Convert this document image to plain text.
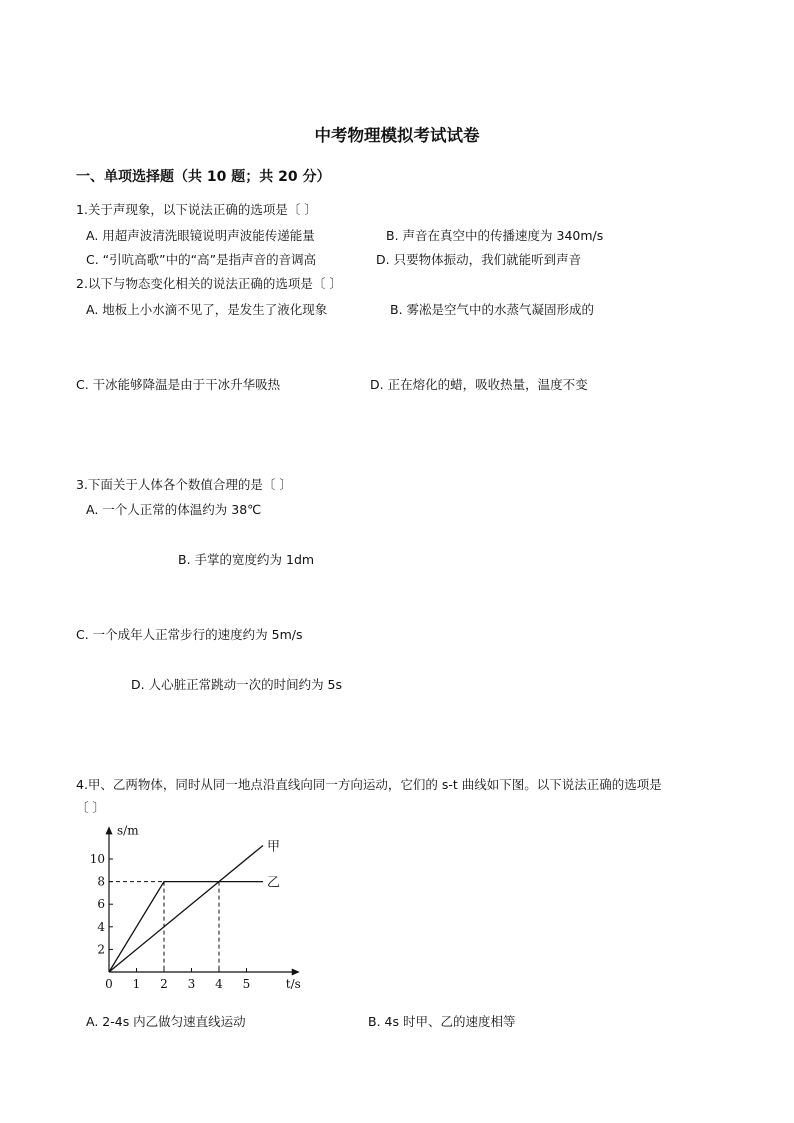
中考物理模拟考试试卷
一、单项选择题（共 10 题；共 20 分）
1.关于声现象，以下说法正确的选项是〔 〕
A. 用超声波清洗眼镜说明声波能传递能量	B. 声音在真空中的传播速度为 340m/s
C. “引吭高歌”中的“高”是指声音的音调高	D. 只要物体振动，我们就能听到声音
2.以下与物态变化相关的说法正确的选项是〔 〕
A. 地板上小水滴不见了，是发生了液化现象	B. 雾凇是空气中的水蒸气凝固形成的
C. 干冰能够降温是由于干冰升华吸热	D. 正在熔化的蜡，吸收热量，温度不变
3.下面关于人体各个数值合理的是〔 〕
A. 一个人正常的体温约为 38℃
B. 手掌的宽度约为 1dm
C. 一个成年人正常步行的速度约为 5m/s
D. 人心脏正常跳动一次的时间约为 5s
4.甲、乙两物体，同时从同一地点沿直线向同一方向运动，它们的 s-t 曲线如下图。以下说法正确的选项是
〔 〕
0 1 2 3 4 5
2
4
6
8
10
s/m
t/s
甲
乙
A. 2-4s 内乙做匀速直线运动	B. 4s 时甲、乙的速度相等
